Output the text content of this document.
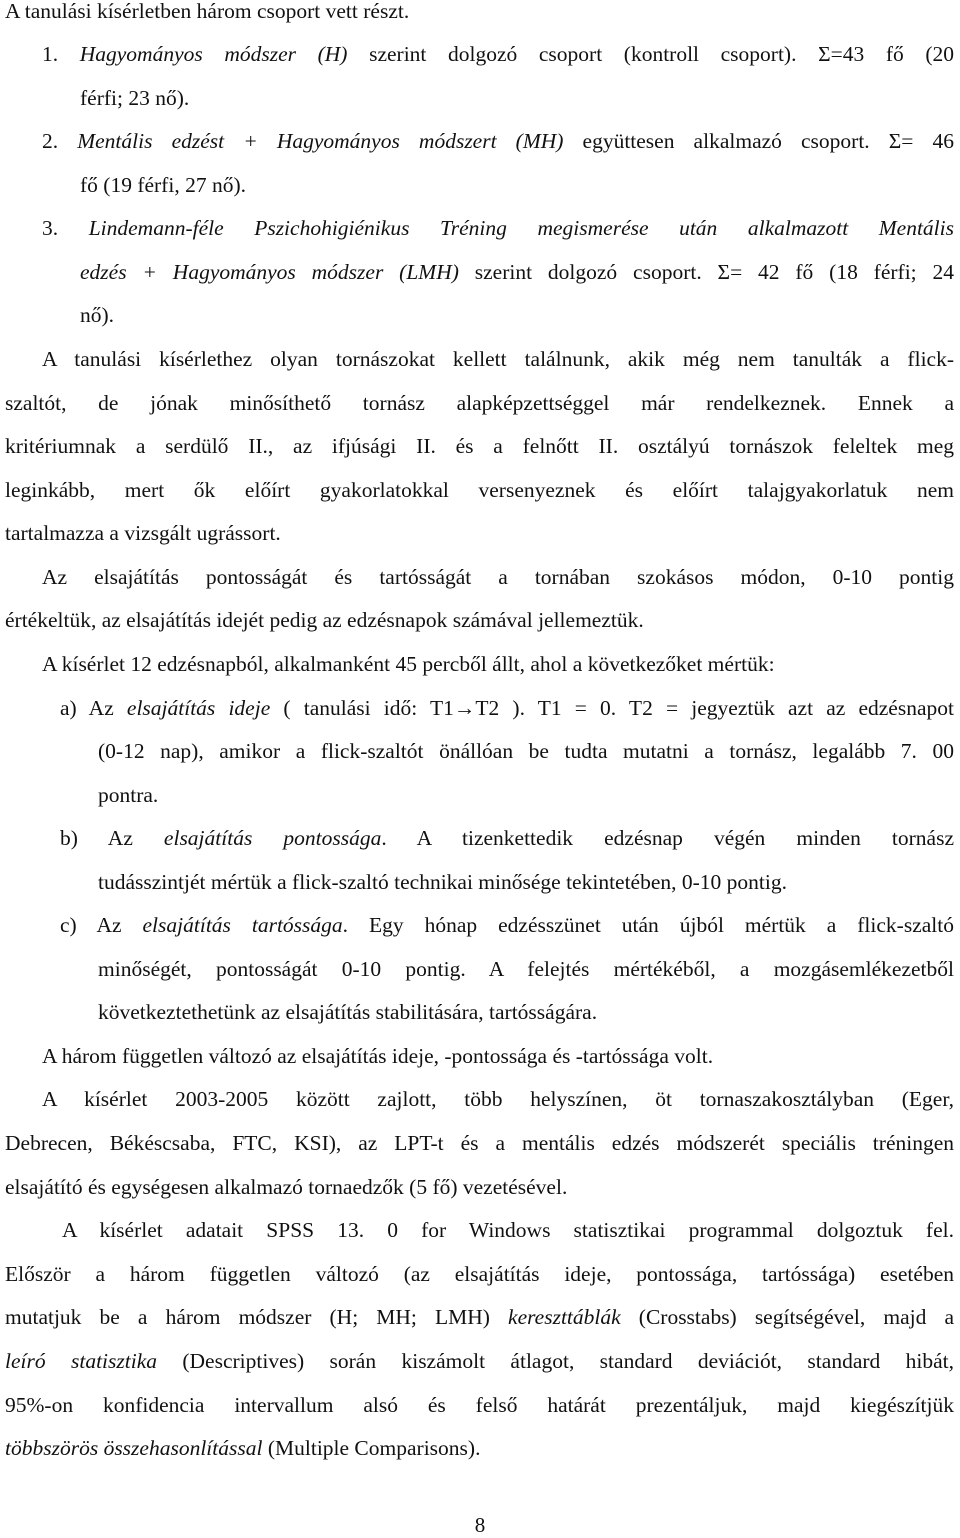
A tanulási kísérletben három csoport vett részt.
1. Hagyományos módszer (H) szerint dolgozó csoport (kontroll csoport). Σ=43 fő (20
férfi; 23 nő).
2. Mentális edzést + Hagyományos módszert (MH) együttesen alkalmazó csoport. Σ= 46
fő (19 férfi, 27 nő).
3. Lindemann-féle Pszichohigiénikus Tréning megismerése után alkalmazott Mentális
edzés + Hagyományos módszer (LMH) szerint dolgozó csoport. Σ= 42 fő (18 férfi; 24
nő).
A tanulási kísérlethez olyan tornászokat kellett találnunk, akik még nem tanulták a flick-
szaltót, de jónak minősíthető tornász alapképzettséggel már rendelkeznek. Ennek a
kritériumnak a serdülő II., az ifjúsági II. és a felnőtt II. osztályú tornászok feleltek meg
leginkább, mert ők előírt gyakorlatokkal versenyeznek és előírt talajgyakorlatuk nem
tartalmazza a vizsgált ugrássort.
Az elsajátítás pontosságát és tartósságát a tornában szokásos módon, 0-10 pontig
értékeltük, az elsajátítás idejét pedig az edzésnapok számával jellemeztük.
A kísérlet 12 edzésnapból, alkalmanként 45 percből állt, ahol a következőket mértük:
a) Az elsajátítás ideje ( tanulási idő: T1→T2 ). T1 = 0. T2 = jegyeztük azt az edzésnapot
(0-12 nap), amikor a flick-szaltót önállóan be tudta mutatni a tornász, legalább 7. 00
pontra.
b) Az elsajátítás pontossága. A tizenkettedik edzésnap végén minden tornász
tudásszintjét mértük a flick-szaltó technikai minősége tekintetében, 0-10 pontig.
c) Az elsajátítás tartóssága. Egy hónap edzésszünet után újból mértük a flick-szaltó
minőségét, pontosságát 0-10 pontig. A felejtés mértékéből, a mozgásemlékezetből
következtethetünk az elsajátítás stabilitására, tartósságára.
A három független változó az elsajátítás ideje, -pontossága és -tartóssága volt.
A kísérlet 2003-2005 között zajlott, több helyszínen, öt tornaszakosztályban (Eger,
Debrecen, Békéscsaba, FTC, KSI), az LPT-t és a mentális edzés módszerét speciális tréningen
elsajátító és egységesen alkalmazó tornaedzők (5 fő) vezetésével.
A kísérlet adatait SPSS 13. 0 for Windows statisztikai programmal dolgoztuk fel.
Először a három független változó (az elsajátítás ideje, pontossága, tartóssága) esetében
mutatjuk be a három módszer (H; MH; LMH) kereszttáblák (Crosstabs) segítségével, majd a
leíró statisztika (Descriptives) során kiszámolt átlagot, standard deviációt, standard hibát,
95%-on konfidencia intervallum alsó és felső határát prezentáljuk, majd kiegészítjük
többszörös összehasonlítással (Multiple Comparisons).
8
